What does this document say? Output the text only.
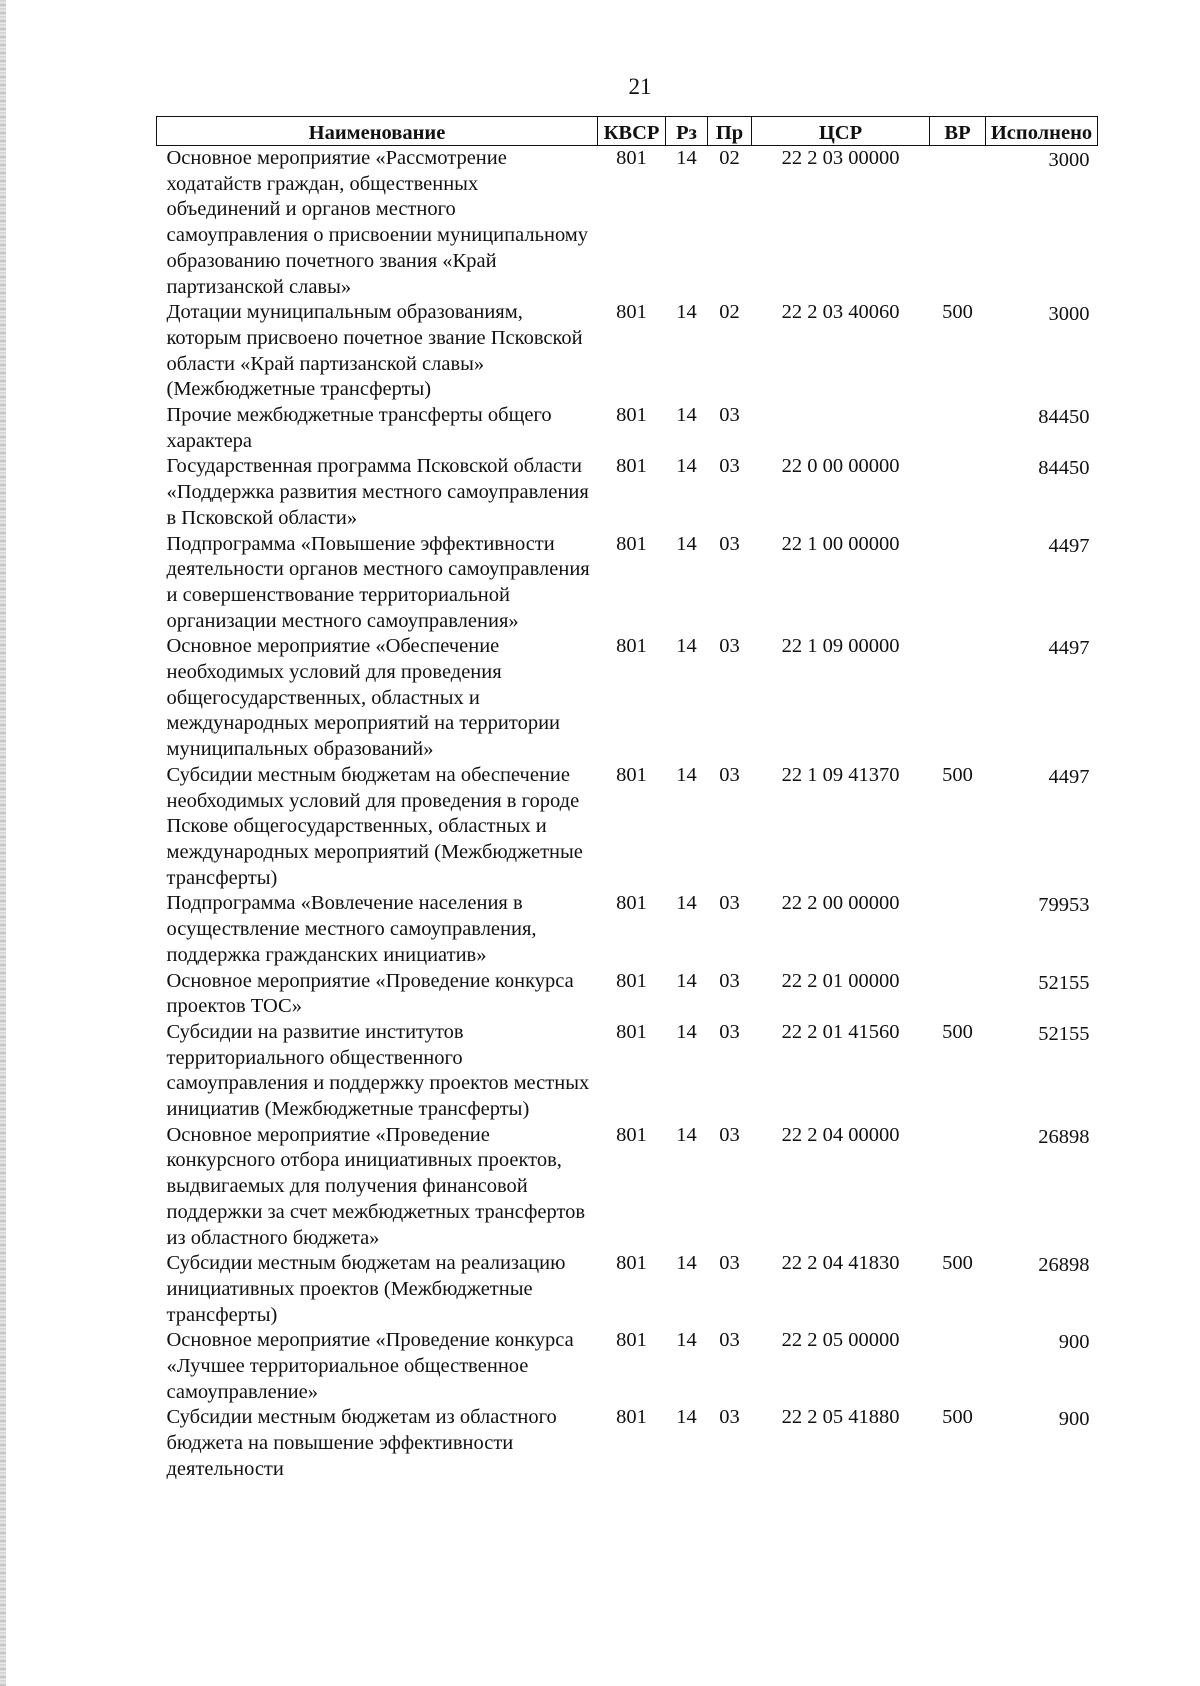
21
Наименование	КВСР	Рз	Пр	ЦСР	ВР	Исполнено
Основное мероприятие «Рассмотрение ходатайств граждан, общественных объединений и органов местного самоуправления о присвоении муниципальному образованию почетного звания «Край партизанской славы»	801	14	02	22 2 03 00000		3000
Дотации муниципальным образованиям, которым присвоено почетное звание Псковской области «Край партизанской славы» (Межбюджетные трансферты)	801	14	02	22 2 03 40060	500	3000
Прочие межбюджетные трансферты общего характера	801	14	03			84450
Государственная программа Псковской области «Поддержка развития местного самоуправления в Псковской области»	801	14	03	22 0 00 00000		84450
Подпрограмма «Повышение эффективности деятельности органов местного самоуправления и совершенствование территориальной организации местного самоуправления»	801	14	03	22 1 00 00000		4497
Основное мероприятие «Обеспечение необходимых условий для проведения общегосударственных, областных и международных мероприятий на территории муниципальных образований»	801	14	03	22 1 09 00000		4497
Субсидии местным бюджетам на обеспечение необходимых условий для проведения в городе Пскове общегосударственных, областных и международных мероприятий (Межбюджетные трансферты)	801	14	03	22 1 09 41370	500	4497
Подпрограмма «Вовлечение населения в осуществление местного самоуправления, поддержка гражданских инициатив»	801	14	03	22 2 00 00000		79953
Основное мероприятие «Проведение конкурса проектов ТОС»	801	14	03	22 2 01 00000		52155
Субсидии на развитие институтов территориального общественного самоуправления и поддержку проектов местных инициатив (Межбюджетные трансферты)	801	14	03	22 2 01 41560	500	52155
Основное мероприятие «Проведение конкурсного отбора инициативных проектов, выдвигаемых для получения финансовой поддержки за счет межбюджетных трансфертов из областного бюджета»	801	14	03	22 2 04 00000		26898
Субсидии местным бюджетам на реализацию инициативных проектов (Межбюджетные трансферты)	801	14	03	22 2 04 41830	500	26898
Основное мероприятие «Проведение конкурса «Лучшее территориальное общественное самоуправление»	801	14	03	22 2 05 00000		900
Субсидии местным бюджетам из областного бюджета на повышение эффективности деятельности	801	14	03	22 2 05 41880	500	900
